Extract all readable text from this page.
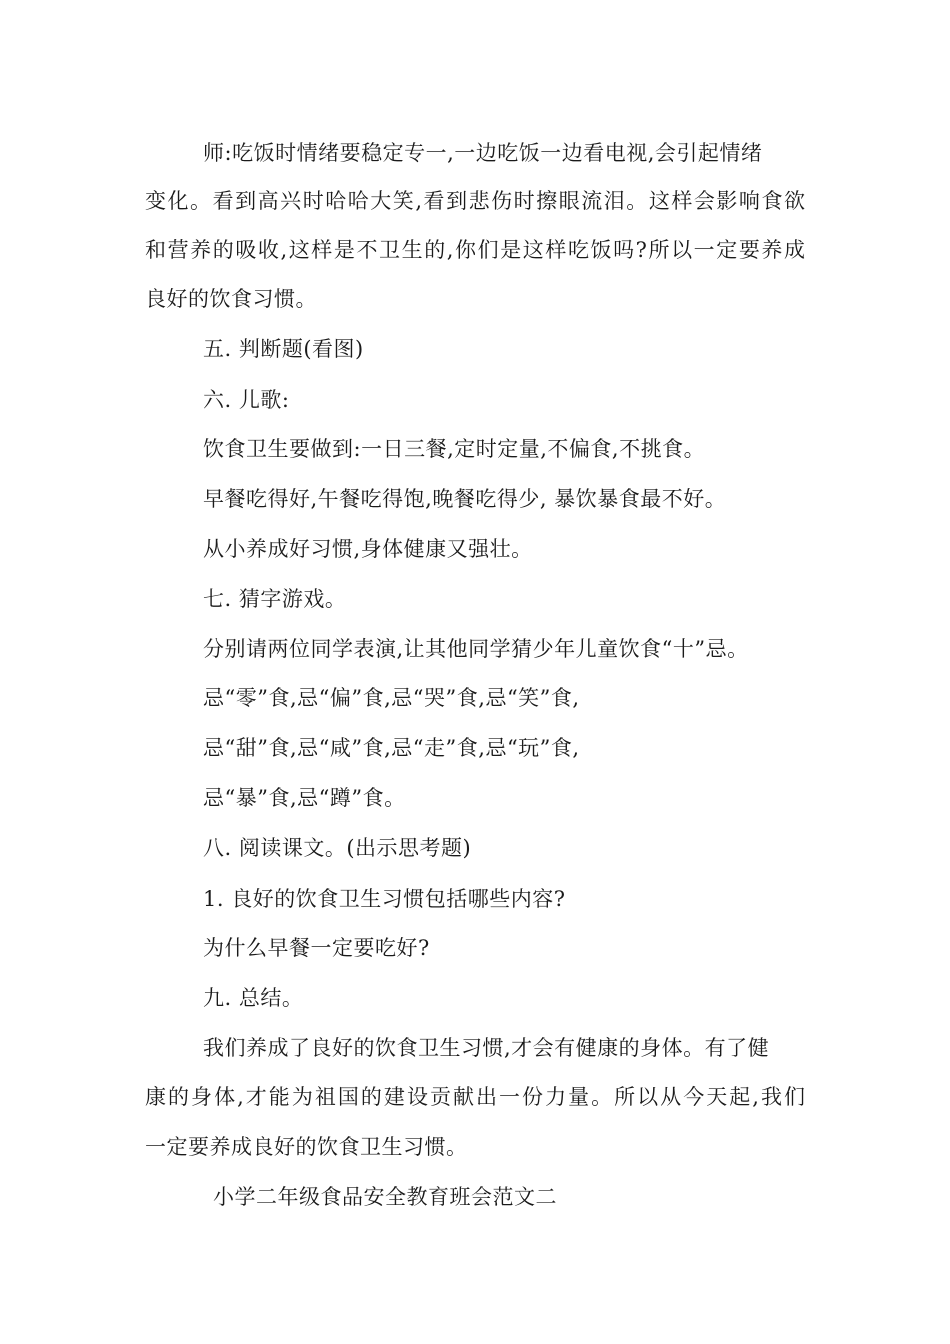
师:吃饭时情绪要稳定专一,一边吃饭一边看电视,会引起情绪
变化。看到高兴时哈哈大笑,看到悲伤时擦眼流泪。这样会影响食欲
和营养的吸收,这样是不卫生的,你们是这样吃饭吗?所以一定要养成
良好的饮食习惯。
五. 判断题(看图)
六. 儿歌:
饮食卫生要做到:一日三餐,定时定量,不偏食,不挑食。
早餐吃得好,午餐吃得饱,晚餐吃得少, 暴饮暴食最不好。
从小养成好习惯,身体健康又强壮。
七. 猜字游戏。
分别请两位同学表演,让其他同学猜少年儿童饮食“十”忌。
忌“零”食,忌“偏”食,忌“哭”食,忌“笑”食,
忌“甜”食,忌“咸”食,忌“走”食,忌“玩”食,
忌“暴”食,忌“蹲”食。
八. 阅读课文。(出示思考题)
1. 良好的饮食卫生习惯包括哪些内容?
为什么早餐一定要吃好?
九. 总结。
我们养成了良好的饮食卫生习惯,才会有健康的身体。有了健
康的身体,才能为祖国的建设贡献出一份力量。所以从今天起,我们
一定要养成良好的饮食卫生习惯。
小学二年级食品安全教育班会范文二
